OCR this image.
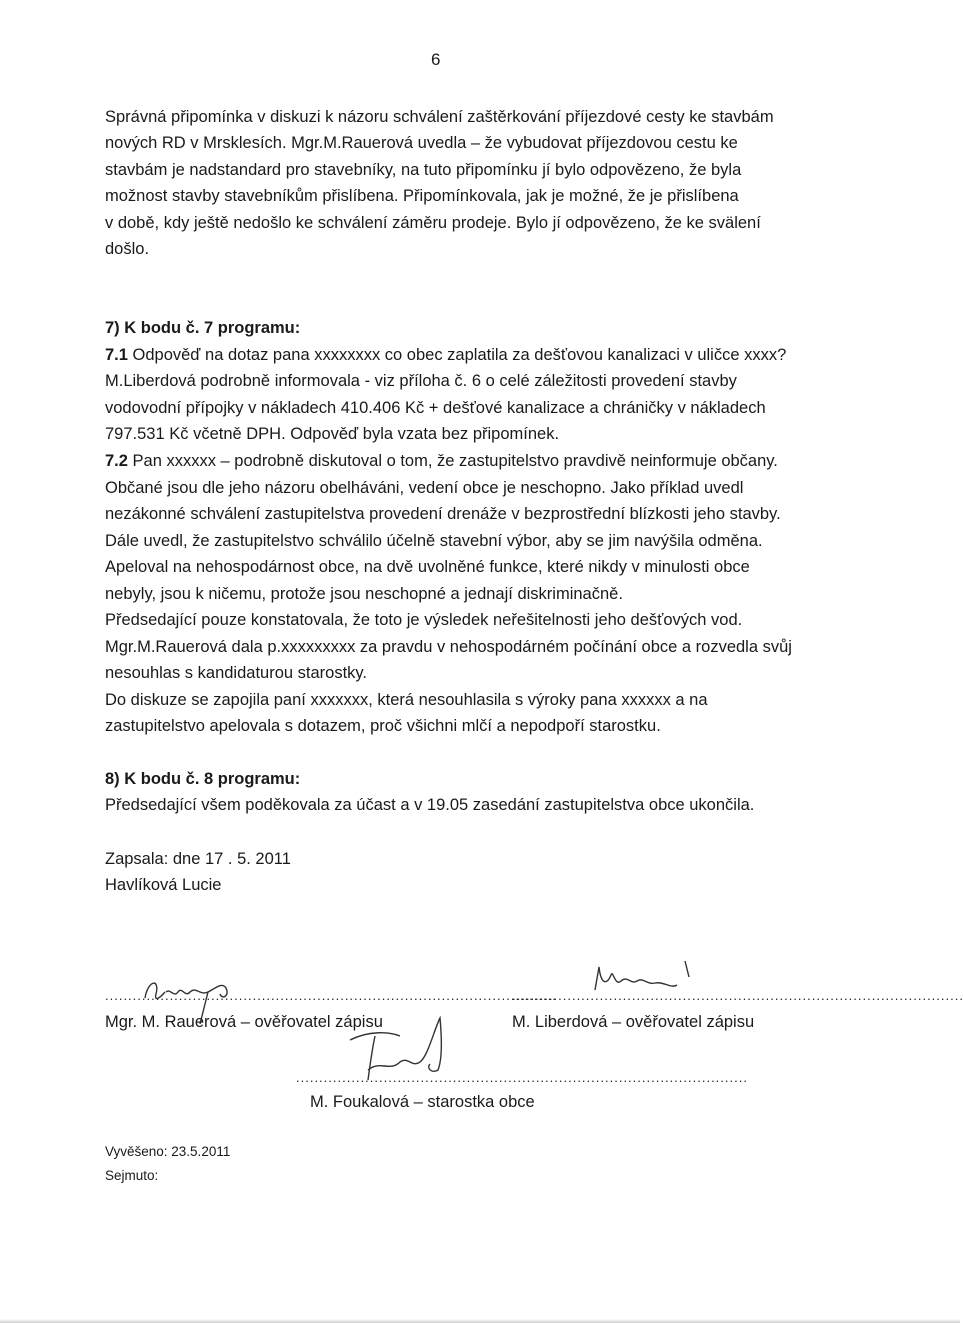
6
Správná připomínka v diskuzi k názoru schválení zaštěrkování příjezdové cesty ke stavbám
nových RD v Mrsklesích. Mgr.M.Rauerová uvedla – že vybudovat příjezdovou cestu ke
stavbám je nadstandard pro stavebníky, na tuto připomínku jí bylo odpovězeno, že byla
možnost stavby stavebníkům přislíbena. Připomínkovala, jak je možné, že je přislíbena
v době, kdy ještě nedošlo ke schválení záměru prodeje. Bylo jí odpovězeno, že ke svälení
došlo.
7) K bodu č. 7 programu:
7.1 Odpověď na dotaz pana xxxxxxxx co obec zaplatila za dešťovou kanalizaci v uličce xxxx?
M.Liberdová podrobně informovala - viz příloha č. 6 o celé záležitosti provedení stavby
vodovodní přípojky v nákladech 410.406 Kč + dešťové kanalizace a chráničky v nákladech
797.531 Kč včetně DPH. Odpověď byla vzata bez připomínek.
7.2 Pan xxxxxx – podrobně diskutoval o tom, že zastupitelstvo pravdivě neinformuje občany.
Občané jsou dle jeho názoru obelháváni, vedení obce je neschopno. Jako příklad uvedl
nezákonné schválení zastupitelstva provedení drenáže v bezprostřední blízkosti jeho stavby.
Dále uvedl, že zastupitelstvo schválilo účelně stavební výbor, aby se jim navýšila odměna.
Apeloval na nehospodárnost obce, na dvě uvolněné funkce, které nikdy v minulosti obce
nebyly, jsou k ničemu, protože jsou neschopné a jednají diskriminačně.
Předsedající pouze konstatovala, že toto je výsledek neřešitelnosti jeho dešťových vod.
Mgr.M.Rauerová dala p.xxxxxxxxx za pravdu v nehospodárném počínání obce a rozvedla svůj
nesouhlas s kandidaturou starostky.
Do diskuze se zapojila paní xxxxxxx, která nesouhlasila s výroky pana xxxxxx a na
zastupitelstvo apelovala s dotazem, proč všichni mlčí a nepodpoří starostku.
8) K bodu č. 8 programu:
Předsedající všem poděkovala za účast a v 19.05 zasedání zastupitelstva obce ukončila.
Zapsala: dne 17 . 5. 2011
Havlíková Lucie
..................................................................................................
..................................................................................................
..................................................................................................
Mgr. M. Rauerová – ověřovatel zápisu	M. Liberdová – ověřovatel zápisu
M. Foukalová – starostka obce
Vyvěšeno: 23.5.2011
Sejmuto:
